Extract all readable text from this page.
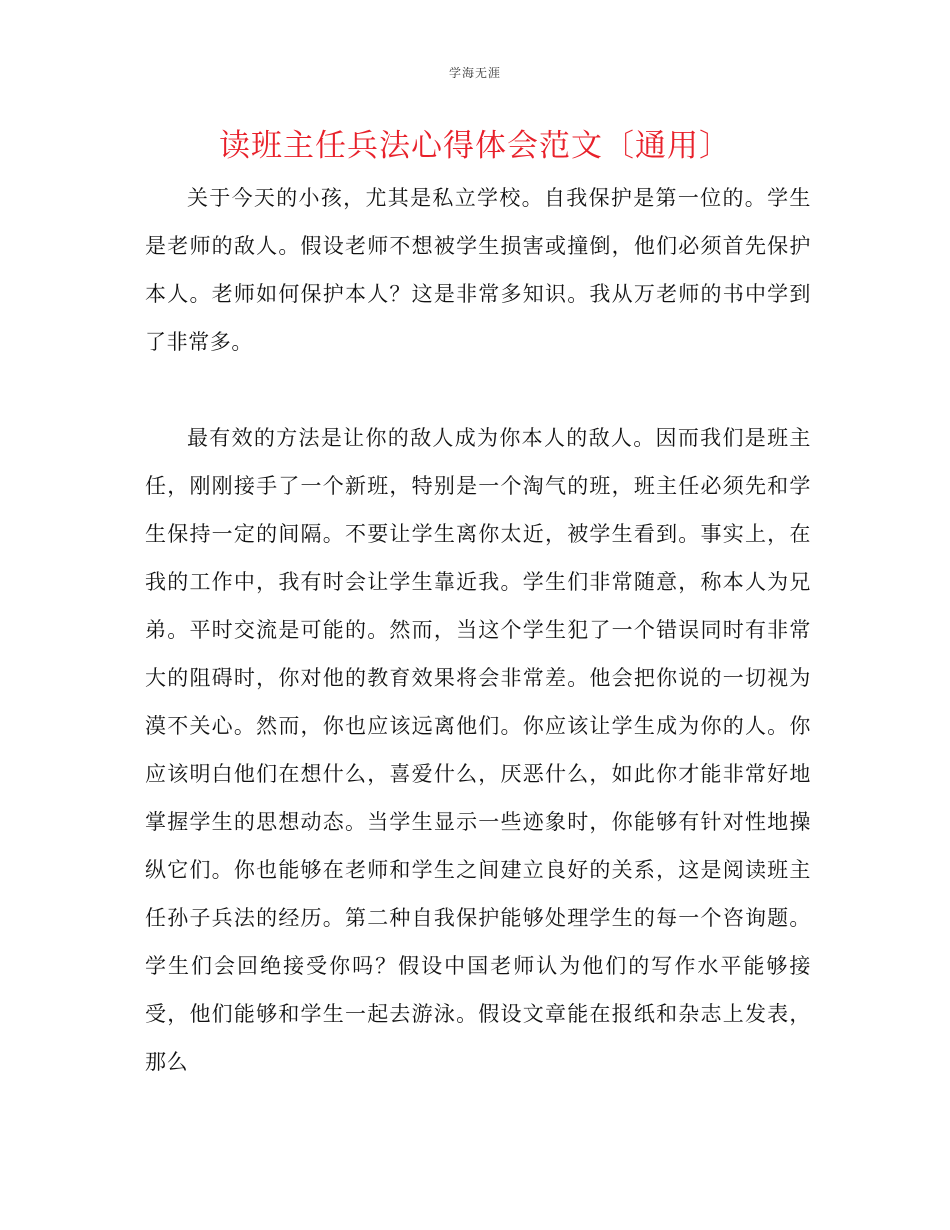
学海无涯
读班主任兵法心得体会范文〔通用〕

关于今天的小孩，尤其是私立学校。自我保护是第一位的。学生是老师的敌人。假设老师不想被学生损害或撞倒，他们必须首先保护本人。老师如何保护本人？这是非常多知识。我从万老师的书中学到了非常多。

最有效的方法是让你的敌人成为你本人的敌人。因而我们是班主任，刚刚接手了一个新班，特别是一个淘气的班，班主任必须先和学生保持一定的间隔。不要让学生离你太近，被学生看到。事实上，在我的工作中，我有时会让学生靠近我。学生们非常随意，称本人为兄弟。平时交流是可能的。然而，当这个学生犯了一个错误同时有非常大的阻碍时，你对他的教育效果将会非常差。他会把你说的一切视为漠不关心。然而，你也应该远离他们。你应该让学生成为你的人。你应该明白他们在想什么，喜爱什么，厌恶什么，如此你才能非常好地掌握学生的思想动态。当学生显示一些迹象时，你能够有针对性地操纵它们。你也能够在老师和学生之间建立良好的关系，这是阅读班主任孙子兵法的经历。第二种自我保护能够处理学生的每一个咨询题。学生们会回绝接受你吗？假设中国老师认为他们的写作水平能够接受，他们能够和学生一起去游泳。假设文章能在报纸和杂志上发表，那么
